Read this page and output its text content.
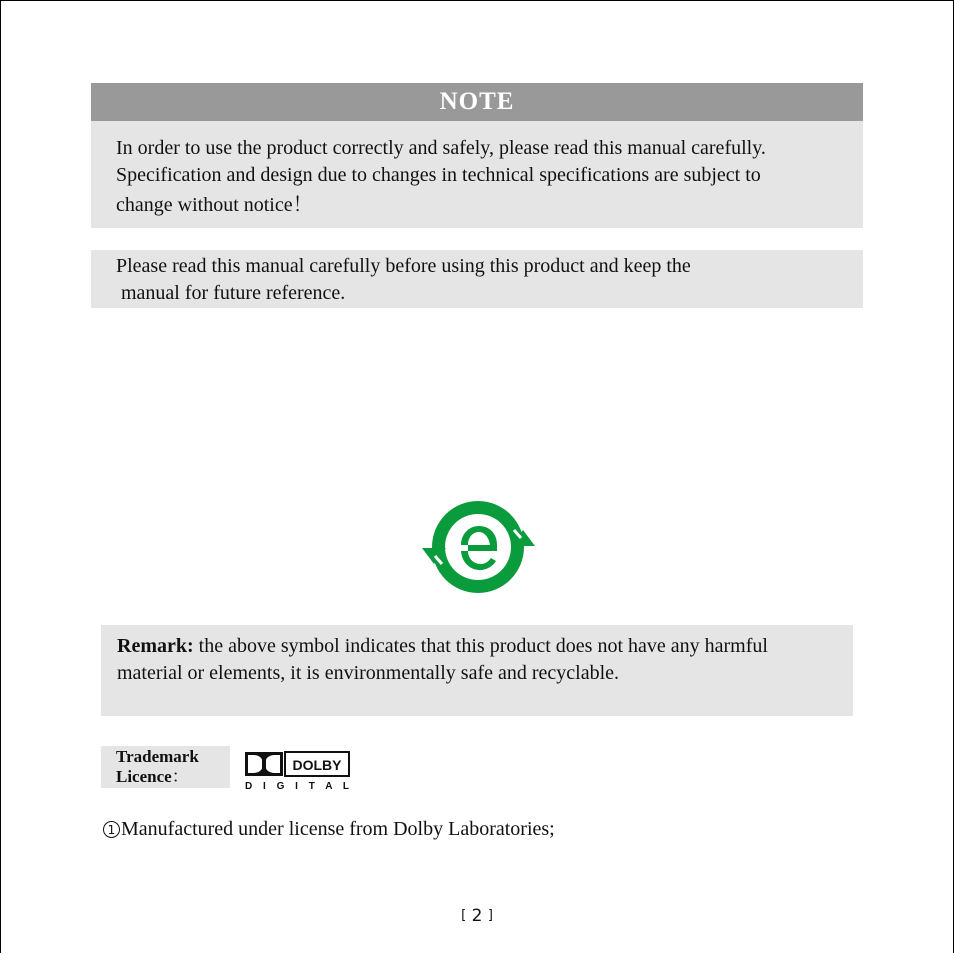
NOTE
In order to use the product correctly and safely, please read this manual carefully.
Specification and design due to changes in technical specifications are subject to
change without notice！
Please read this manual carefully before using this product and keep the
manual for future reference.
Remark: the above symbol indicates that this product does not have any harmful
material or elements, it is environmentally safe and recyclable.
Trademark
Licence：
DOLBY
D I G I T A L
1 Manufactured under license from Dolby Laboratories;
[ 2 ]
